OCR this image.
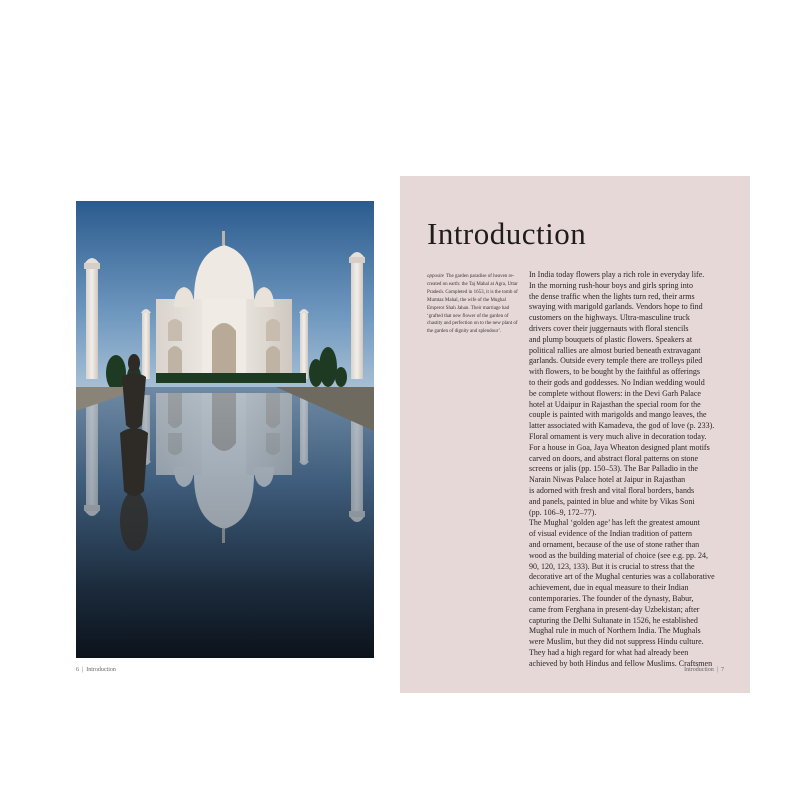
6 | Introduction
Introduction
opposite The garden paradise of heaven re-created on earth: the Taj Mahal at Agra, Uttar Pradesh. Completed in 1653, it is the tomb of Mumtaz Mahal, the wife of the Mughal Emperor Shah Jahan. Their marriage had ‘grafted that new flower of the garden of chastity and perfection on to the new plant of the garden of dignity and splendour’.
In India today flowers play a rich role in everyday life.
In the morning rush-hour boys and girls spring into
the dense traffic when the lights turn red, their arms
swaying with marigold garlands. Vendors hope to find
customers on the highways. Ultra-masculine truck
drivers cover their juggernauts with floral stencils
and plump bouquets of plastic flowers. Speakers at
political rallies are almost buried beneath extravagant
garlands. Outside every temple there are trolleys piled
with flowers, to be bought by the faithful as offerings
to their gods and goddesses. No Indian wedding would
be complete without flowers: in the Devi Garh Palace
hotel at Udaipur in Rajasthan the special room for the
couple is painted with marigolds and mango leaves, the
latter associated with Kamadeva, the god of love (p. 233).
Floral ornament is very much alive in decoration today.
For a house in Goa, Jaya Wheaton designed plant motifs
carved on doors, and abstract floral patterns on stone
screens or jalis (pp. 150–53). The Bar Palladio in the
Narain Niwas Palace hotel at Jaipur in Rajasthan
is adorned with fresh and vital floral borders, bands
and panels, painted in blue and white by Vikas Soni
(pp. 106–9, 172–77).
The Mughal ‘golden age’ has left the greatest amount
of visual evidence of the Indian tradition of pattern
and ornament, because of the use of stone rather than
wood as the building material of choice (see e.g. pp. 24,
90, 120, 123, 133). But it is crucial to stress that the
decorative art of the Mughal centuries was a collaborative
achievement, due in equal measure to their Indian
contemporaries. The founder of the dynasty, Babur,
came from Ferghana in present-day Uzbekistan; after
capturing the Delhi Sultanate in 1526, he established
Mughal rule in much of Northern India. The Mughals
were Muslim, but they did not suppress Hindu culture.
They had a high regard for what had already been
achieved by both Hindus and fellow Muslims. Craftsmen
Introduction | 7
